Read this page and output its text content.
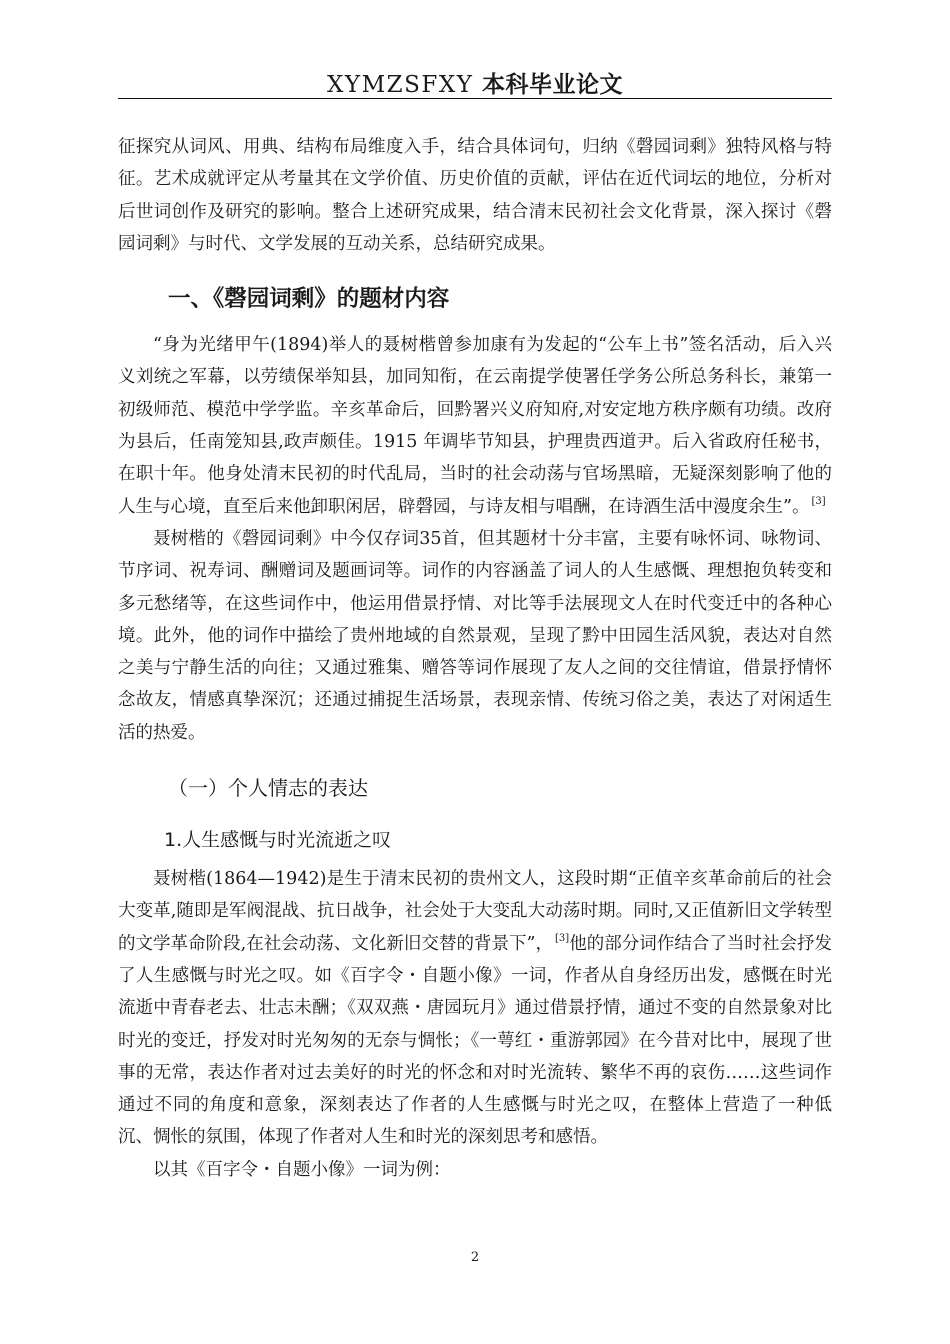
XYMZSFXY 本科毕业论文

征探究从词风、用典、结构布局维度入手，结合具体词句，归纳《磬园词剩》独特风格与特征。艺术成就评定从考量其在文学价值、历史价值的贡献，评估在近代词坛的地位，分析对后世词创作及研究的影响。整合上述研究成果，结合清末民初社会文化背景，深入探讨《磬园词剩》与时代、文学发展的互动关系，总结研究成果。

一、《磬园词剩》的题材内容

“身为光绪甲午(1894)举人的聂树楷曾参加康有为发起的“公车上书”签名活动，后入兴义刘统之军幕，以劳绩保举知县，加同知衔，在云南提学使署任学务公所总务科长，兼第一初级师范、模范中学学监。辛亥革命后，回黔署兴义府知府,对安定地方秩序颇有功绩。改府为县后，任南笼知县,政声颇佳。1915 年调毕节知县，护理贵西道尹。后入省政府任秘书，在职十年。他身处清末民初的时代乱局，当时的社会动荡与官场黑暗，无疑深刻影响了他的人生与心境，直至后来他卸职闲居，辟磬园，与诗友相与唱酬，在诗酒生活中漫度余生”。 [3]

聂树楷的《磬园词剩》中今仅存词35首，但其题材十分丰富，主要有咏怀词、咏物词、节序词、祝寿词、酬赠词及题画词等。词作的内容涵盖了词人的人生感慨、理想抱负转变和多元愁绪等，在这些词作中，他运用借景抒情、对比等手法展现文人在时代变迁中的各种心境。此外，他的词作中描绘了贵州地域的自然景观，呈现了黔中田园生活风貌，表达对自然之美与宁静生活的向往；又通过雅集、赠答等词作展现了友人之间的交往情谊，借景抒情怀念故友，情感真挚深沉；还通过捕捉生活场景，表现亲情、传统习俗之美，表达了对闲适生活的热爱。

（一）个人情志的表达
1.人生感慨与时光流逝之叹

聂树楷(1864—1942)是生于清末民初的贵州文人，这段时期“正值辛亥革命前后的社会大变革,随即是军阀混战、抗日战争，社会处于大变乱大动荡时期。同时,又正值新旧文学转型的文学革命阶段,在社会动荡、文化新旧交替的背景下”， [3]他的部分词作结合了当时社会抒发了人生感慨与时光之叹。如《百字令・自题小像》一词，作者从自身经历出发，感慨在时光流逝中青春老去、壮志未酬；《双双燕・唐园玩月》通过借景抒情，通过不变的自然景象对比时光的变迁，抒发对时光匆匆的无奈与惆怅；《一萼红・重游郭园》在今昔对比中，展现了世事的无常，表达作者对过去美好的时光的怀念和对时光流转、繁华不再的哀伤……这些词作通过不同的角度和意象，深刻表达了作者的人生感慨与时光之叹，在整体上营造了一种低沉、惆怅的氛围，体现了作者对人生和时光的深刻思考和感悟。

以其《百字令・自题小像》一词为例：

2
